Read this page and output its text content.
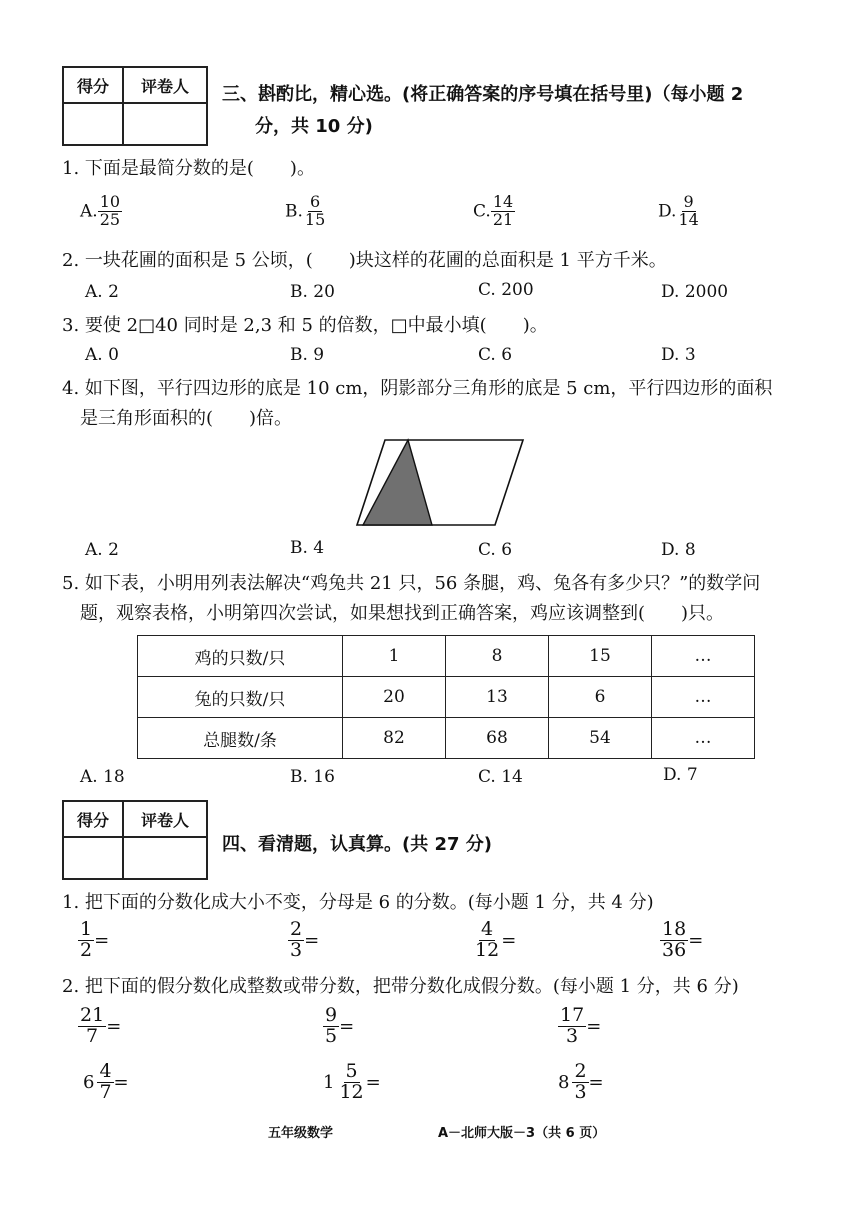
得分	评卷人
	三、斟酌比，精心选。(将正确答案的序号填在括号里)（每小题 2
分，共 10 分)
1. 下面是最简分数的是(　　)。
A. $\frac{10}{25}$	B. $\frac{6}{15}$	C. $\frac{14}{21}$	D. $\frac{9}{14}$
2. 一块花圃的面积是 5 公顷，(　　)块这样的花圃的总面积是 1 平方千米。
A. 2	B. 20	C. 200	D. 2000
3. 要使 2□40 同时是 2,3 和 5 的倍数，□中最小填(　　)。
A. 0	B. 9	C. 6	D. 3
4. 如下图，平行四边形的底是 10 cm，阴影部分三角形的底是 5 cm，平行四边形的面积
是三角形面积的(　　)倍。
A. 2	B. 4	C. 6	D. 8
5. 如下表，小明用列表法解决“鸡兔共 21 只，56 条腿，鸡、兔各有多少只？”的数学问
题，观察表格，小明第四次尝试，如果想找到正确答案，鸡应该调整到(　　)只。
鸡的只数/只	1	8	15	…
兔的只数/只	20	13	6	…
总腿数/条	82	68	54	…
A. 18	B. 16	C. 14	D. 7
得分	评卷人

四、看清题，认真算。(共 27 分)
1. 把下面的分数化成大小不变，分母是 6 的分数。(每小题 1 分，共 4 分)
$\frac{1}{2}$ =	$\frac{2}{3}$ =	$\frac{4}{12}$ =	$\frac{18}{36}$ =
2. 把下面的假分数化成整数或带分数，把带分数化成假分数。(每小题 1 分，共 6 分)
$\frac{21}{7}$ =	$\frac{9}{5}$ =	$\frac{17}{3}$ =
$6 \frac{4}{7}$ =	$1 \frac{5}{12}$ =	$8 \frac{2}{3}$ =
五年级数学	A－北师大版－3（共 6 页）
